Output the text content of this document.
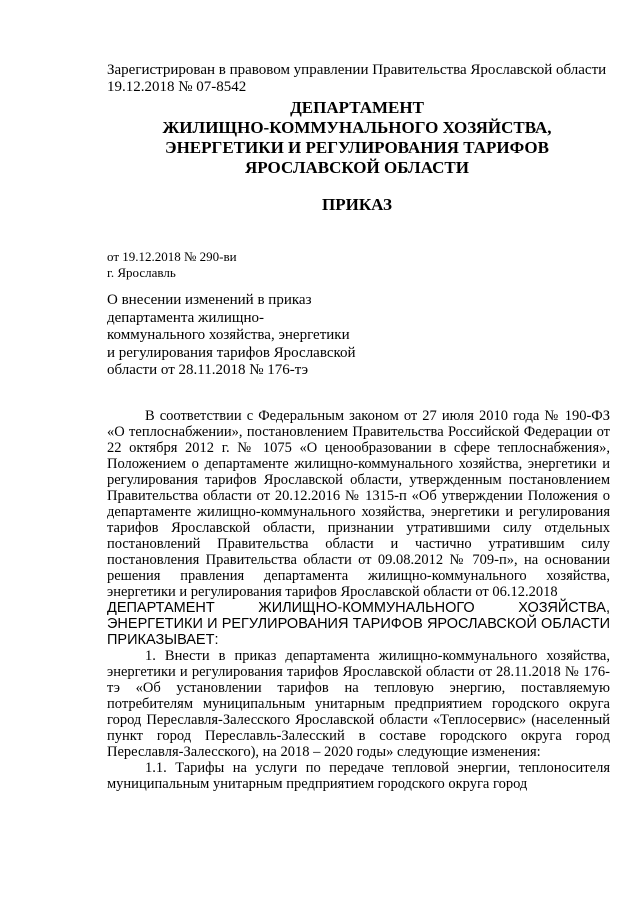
Зарегистрирован в правовом управлении Правительства Ярославской области
19.12.2018 № 07-8542
ДЕПАРТАМЕНТ
ЖИЛИЩНО-КОММУНАЛЬНОГО ХОЗЯЙСТВА,
ЭНЕРГЕТИКИ И РЕГУЛИРОВАНИЯ ТАРИФОВ
ЯРОСЛАВСКОЙ ОБЛАСТИ
ПРИКАЗ
от 19.12.2018 № 290-ви
г. Ярославль
О внесении изменений в приказ департамента жилищно-коммунального хозяйства, энергетики и регулирования тарифов Ярославской области от 28.11.2018 № 176-тэ

В соответствии с Федеральным законом от 27 июля 2010 года № 190-ФЗ «О теплоснабжении», постановлением Правительства Российской Федерации от 22 октября 2012 г. № 1075 «О ценообразовании в сфере теплоснабжения», Положением о департаменте жилищно-коммунального хозяйства, энергетики и регулирования тарифов Ярославской области, утвержденным постановлением Правительства области от 20.12.2016 № 1315-п «Об утверждении Положения о департаменте жилищно-коммунального хозяйства, энергетики и регулирования тарифов Ярославской области, признании утратившими силу отдельных постановлений Правительства области и частично утратившим силу постановления Правительства области от 09.08.2012 № 709-п», на основании решения правления департамента жилищно-коммунального хозяйства, энергетики и регулирования тарифов Ярославской области от 06.12.2018

ДЕПАРТАМЕНТ ЖИЛИЩНО-КОММУНАЛЬНОГО ХОЗЯЙСТВА, ЭНЕРГЕТИКИ И РЕГУЛИРОВАНИЯ ТАРИФОВ ЯРОСЛАВСКОЙ ОБЛАСТИ ПРИКАЗЫВАЕТ:

1. Внести в приказ департамента жилищно-коммунального хозяйства, энергетики и регулирования тарифов Ярославской области от 28.11.2018 № 176-тэ «Об установлении тарифов на тепловую энергию, поставляемую потребителям муниципальным унитарным предприятием городского округа город Переславля-Залесского Ярославской области «Теплосервис» (населенный пункт город Переславль-Залесский в составе городского округа город Переславля-Залесского), на 2018 – 2020 годы» следующие изменения:

1.1. Тарифы на услуги по передаче тепловой энергии, теплоносителя муниципальным унитарным предприятием городского округа город
